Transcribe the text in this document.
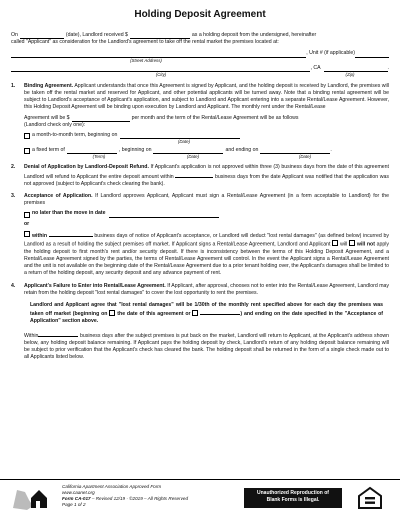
Holding Deposit Agreement
On	(date), Landlord received $	as a holding deposit from the undersigned, hereinafter
called "Applicant" as consideration for the Landlord's agreement to take off the rental market the premises located at:
, Unit # (if applicable)
(Street Address)
, CA	.
(City)	(Zip)
1.	Binding Agreement. Applicant understands that once this Agreement is signed by Applicant, and the holding deposit is received by Landlord, the premises will be taken off the rental market and reserved for Applicant, and other potential applicants will be turned away. Note that a binding rental agreement will be subject to Landlord's acceptance of Applicant's application, and subject to Landlord and Applicant entering into a separate Rental/Lease Agreement. However, this Holding Deposit Agreement will be binding upon execution by Landlord and Applicant. The monthly rent under the Rental/Lease
Agreement will be $	per month and the term of the Rental/Lease Agreement will be as follows
(Landlord check only one):
a month-to-month term, beginning on
(Date)
a fixed term of	, beginning on	and ending on	.
(Term)	(Date)	(Date)
2.	Denial of Application by Landlord-Deposit Refund. If Applicant's application is not approved within three (3) business days from the date of this agreement Landlord will refund to Applicant the entire deposit amount within	business days from the date Applicant was notified that the application was not approved (subject to Applicant's check clearing the bank).
3.	Acceptance of Application. If Landlord approves Applicant, Applicant must sign a Rental/Lease Agreement (in a form acceptable to Landlord) for the premises
no later than the move in date
or
within	business days of notice of Applicant's acceptance, or Landlord will deduct "lost rental damages" (as defined below) incurred by Landlord as a result of holding the subject premises off market. If Applicant signs a Rental/Lease Agreement, Landlord and Applicant will will not apply the holding deposit to first month's rent and/or security deposit. If there is inconsistency between the terms of this Holding Deposit Agreement, and a Rental/Lease Agreement signed by the parties, the terms of Rental/Lease Agreement will control. In the event the Applicant signs a Rental/Lease Agreement and the unit is not available on the beginning date of the Rental/Lease Agreement due to a prior tenant holding over, the Applicant's damages shall be limited to a return of the holding deposit, any security deposit and any advance payment of rent.
4.	Applicant's Failure to Enter into Rental/Lease Agreement. If Applicant, after approval, chooses not to enter into the Rental/Lease Agreement, Landlord may retain from the holding deposit "lost rental damages" to cover the lost opportunity to rent the premises.
Landlord and Applicant agree that "lost rental damages" will be 1/30th of the monthly rent specified above for each day the premises was taken off market (beginning on the date of this agreement or	) and ending on the date specified in the "Acceptance of Application" section above.
Within	business days after the subject premises is put back on the market, Landlord will return to Applicant, at the Applicant's address shown below, any holding deposit balance remaining. If Applicant pays the holding deposit by check, Landlord's return of any holding deposit balance remaining will be subject to prior verification that the Applicant's check has cleared the bank. The holding deposit shall be returned in the form of a single check made out to all Applicants listed below.
California Apartment Association Approved Form
www.caanet.org
Form CA-017 – Revised 12/19 · ©2019 – All Rights Reserved
Page 1 of 2
Unauthorized Reproduction of
Blank Forms is Illegal.
